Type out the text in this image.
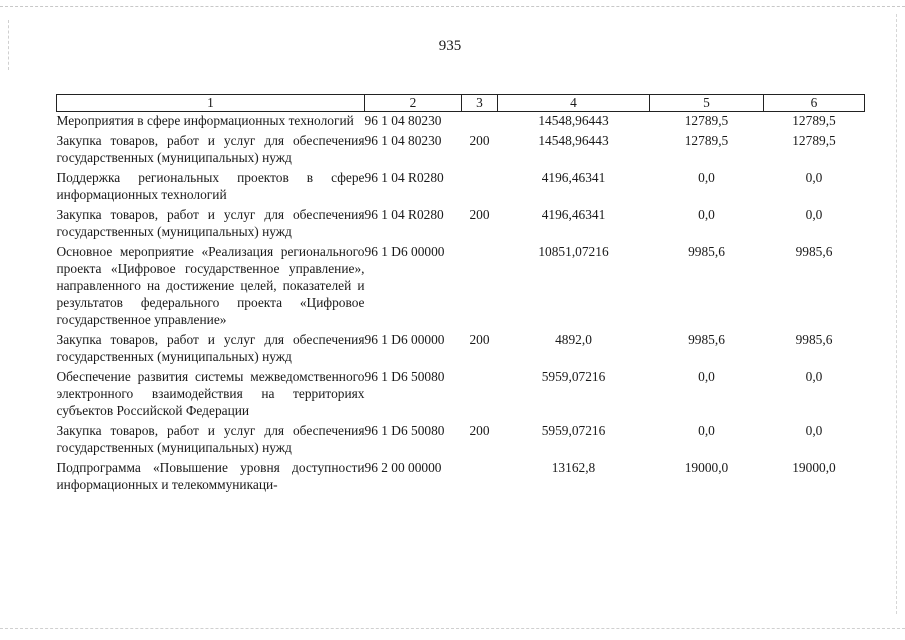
935
1	2	3	4	5	6
Мероприятия в сфере информационных технологий	96 1 04 80230		14548,96443	12789,5	12789,5
Закупка товаров, работ и услуг для обеспечения государственных (муниципальных) нужд	96 1 04 80230	200	14548,96443	12789,5	12789,5
Поддержка региональных проектов в сфере информационных технологий	96 1 04 R0280		4196,46341	0,0	0,0
Закупка товаров, работ и услуг для обеспечения государственных (муниципальных) нужд	96 1 04 R0280	200	4196,46341	0,0	0,0
Основное мероприятие «Реализация регионального проекта «Цифровое государственное управление», направленного на достижение целей, показателей и результатов федерального проекта «Цифровое государственное управление»	96 1 D6 00000		10851,07216	9985,6	9985,6
Закупка товаров, работ и услуг для обеспечения государственных (муниципальных) нужд	96 1 D6 00000	200	4892,0	9985,6	9985,6
Обеспечение развития системы межведомственного электронного взаимодействия на территориях субъектов Российской Федерации	96 1 D6 50080		5959,07216	0,0	0,0
Закупка товаров, работ и услуг для обеспечения государственных (муниципальных) нужд	96 1 D6 50080	200	5959,07216	0,0	0,0
Подпрограмма «Повышение уровня доступности информационных и телекоммуникаци-	96 2 00 00000		13162,8	19000,0	19000,0
